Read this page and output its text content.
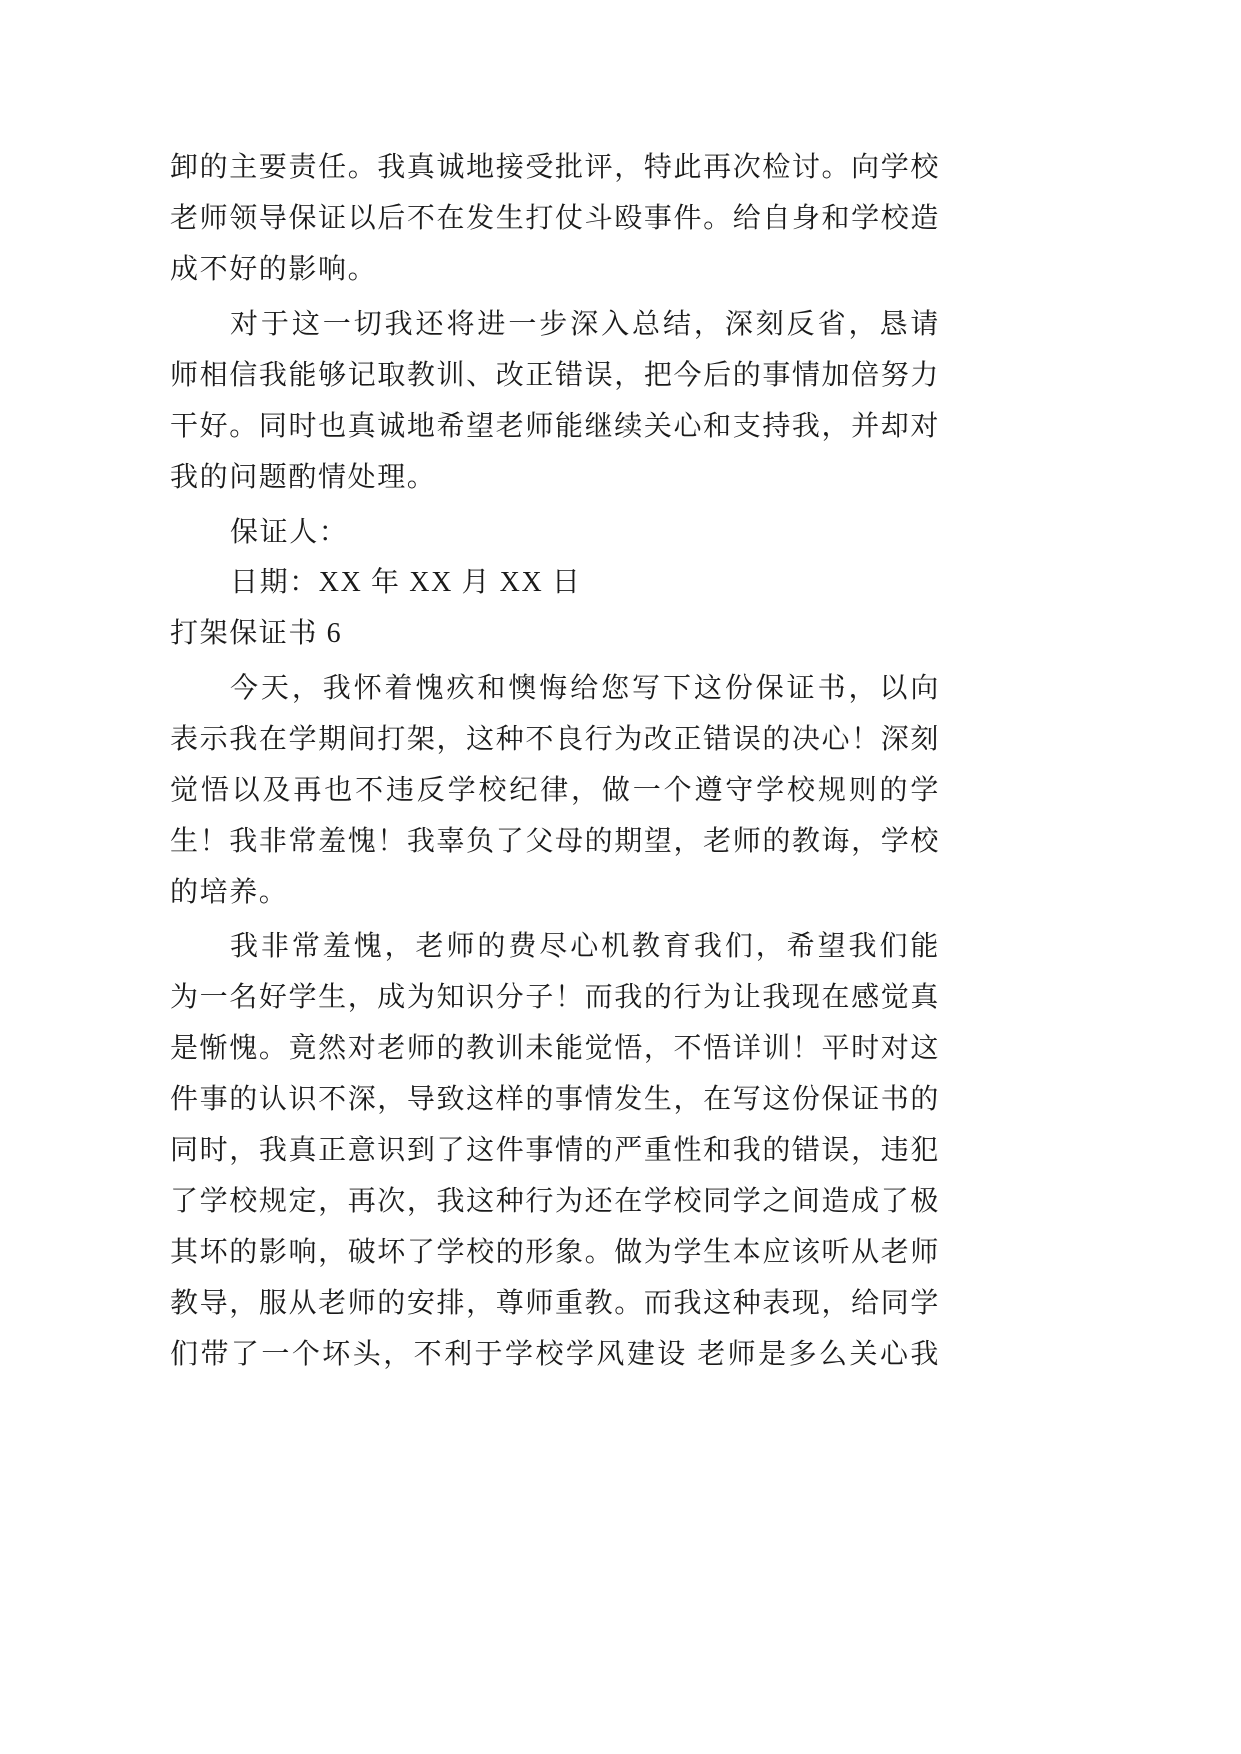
卸的主要责任。我真诚地接受批评，特此再次检讨。向学校
老师领导保证以后不在发生打仗斗殴事件。给自身和学校造
成不好的影响。
对于这一切我还将进一步深入总结，深刻反省，恳请
师相信我能够记取教训、改正错误，把今后的事情加倍努力
干好。同时也真诚地希望老师能继续关心和支持我，并却对
我的问题酌情处理。
保证人：
日期：XX 年 XX 月 XX 日
打架保证书 6
今天，我怀着愧疚和懊悔给您写下这份保证书，以向
表示我在学期间打架，这种不良行为改正错误的决心！深刻
觉悟以及再也不违反学校纪律，做一个遵守学校规则的学
生！我非常羞愧！我辜负了父母的期望，老师的教诲，学校
的培养。
我非常羞愧，老师的费尽心机教育我们，希望我们能
为一名好学生，成为知识分子！而我的行为让我现在感觉真
是惭愧。竟然对老师的教训未能觉悟，不悟详训！平时对这
件事的认识不深，导致这样的事情发生，在写这份保证书的
同时，我真正意识到了这件事情的严重性和我的错误，违犯
了学校规定，再次，我这种行为还在学校同学之间造成了极
其坏的影响，破坏了学校的形象。做为学生本应该听从老师
教导，服从老师的安排，尊师重教。而我这种表现，给同学
们带了一个坏头，不利于学校学风建设 老师是多么关心我
